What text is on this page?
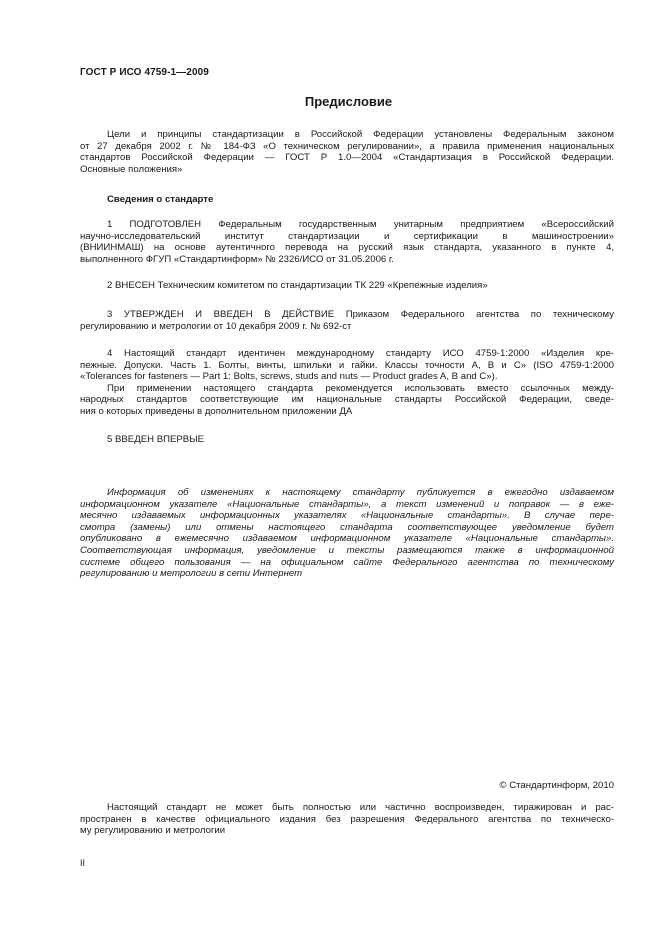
ГОСТ Р ИСО 4759-1—2009
Предисловие
Цели и принципы стандартизации в Российской Федерации установлены Федеральным законом
от 27 декабря 2002 г. № 184-ФЗ «О техническом регулировании», а правила применения национальных
стандартов Российской Федерации — ГОСТ Р 1.0—2004 «Стандартизация в Российской Федерации.
Основные положения»
Сведения о стандарте
1 ПОДГОТОВЛЕН Федеральным государственным унитарным предприятием «Всероссийский
научно-исследовательский институт стандартизации и сертификации в машиностроении»
(ВНИИНМАШ) на основе аутентичного перевода на русский язык стандарта, указанного в пункте 4,
выполненного ФГУП «Стандартинформ» № 2326/ИСО от 31.05.2006 г.
2 ВНЕСЕН Техническим комитетом по стандартизации ТК 229 «Крепежные изделия»
3 УТВЕРЖДЕН И ВВЕДЕН В ДЕЙСТВИЕ Приказом Федерального агентства по техническому
регулированию и метрологии от 10 декабря 2009 г. № 692-ст
4 Настоящий стандарт идентичен международному стандарту ИСО 4759-1:2000 «Изделия кре-
пежные. Допуски. Часть 1. Болты, винты, шпильки и гайки. Классы точности А, В и С» (ISO 4759-1:2000
«Tolerances for fasteners — Part 1: Bolts, screws, studs and nuts — Product grades A, B and C»).
При применении настоящего стандарта рекомендуется использовать вместо ссылочных между-
народных стандартов соответствующие им национальные стандарты Российской Федерации, сведе-
ния о которых приведены в дополнительном приложении ДА
5 ВВЕДЕН ВПЕРВЫЕ
Информация об изменениях к настоящему стандарту публикуется в ежегодно издаваемом
информационном указателе «Национальные стандарты», а текст изменений и поправок — в еже-
месячно издаваемых информационных указателях «Национальные стандарты». В случае пере-
смотра (замены) или отмены настоящего стандарта соответствующее уведомление будет
опубликовано в ежемесячно издаваемом информационном указателе «Национальные стандарты».
Соответствующая информация, уведомление и тексты размещаются также в информационной
системе общего пользования — на официальном сайте Федерального агентства по техническому
регулированию и метрологии в сети Интернет
© Стандартинформ, 2010
Настоящий стандарт не может быть полностью или частично воспроизведен, тиражирован и рас-
пространен в качестве официального издания без разрешения Федерального агентства по техническо-
му регулированию и метрологии
II
